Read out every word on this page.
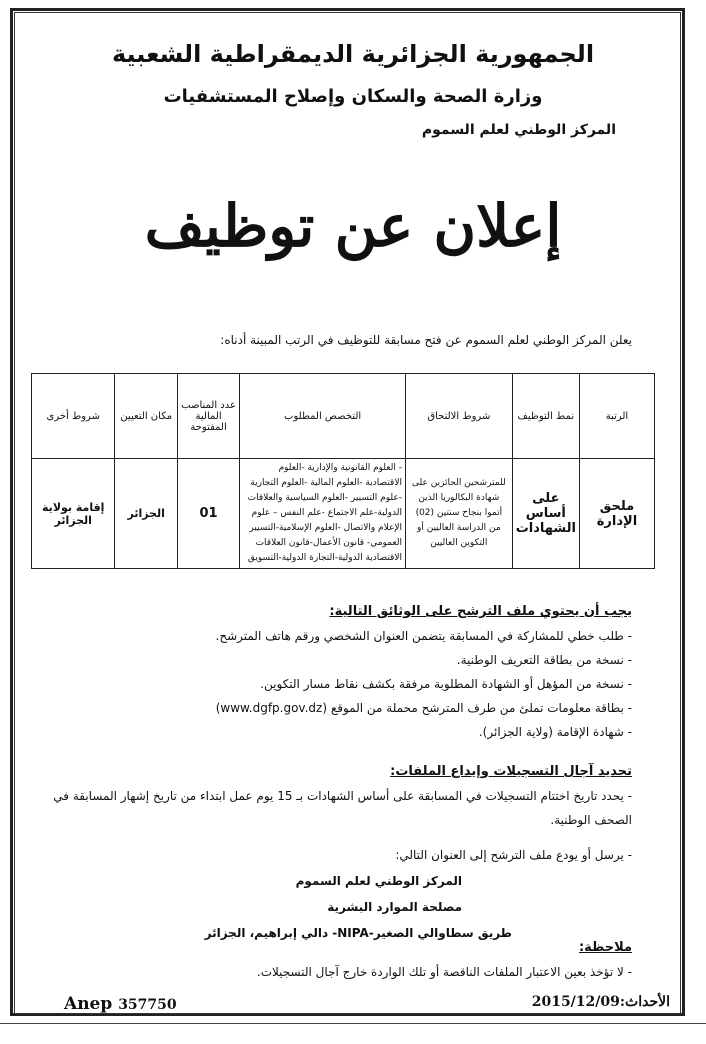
الجمهورية الجزائرية الديمقراطية الشعبية
وزارة الصحة والسكان وإصلاح المستشفيات
المركز الوطني لعلم السموم
إعلان عن توظيف
يعلن المركز الوطني لعلم السموم عن فتح مسابقة للتوظيف في الرتب المبينة أدناه:
الرتبة	نمط التوظيف	شروط الالتحاق	التخصص المطلوب	عدد المناصب المالية المفتوحة	مكان التعيين	شروط أخرى
ملحق الإدارة	على أساس الشهادات	للمترشحين الحائزين على شهادة البكالوريا الذين أتموا بنجاح سنتين (02) من الدراسة العاليين أو التكوين العاليين	- العلوم القانونية والإدارية -العلوم الاقتصادية -العلوم المالية -العلوم التجارية -علوم التسيير -العلوم السياسية والعلاقات الدولية-علم الاجتماع -علم النفس – علوم الإعلام والاتصال -العلوم الإسلامية-التسيير العمومي- قانون الأعمال-قانون العلاقات الاقتصادية الدولية-التجارة الدولية-التسويق	01	الجزائر	إقامة بولاية الجزائر
يجب أن يحتوي ملف الترشح على الوثائق التالية:
- طلب خطي للمشاركة في المسابقة يتضمن العنوان الشخصي ورقم هاتف المترشح.
- نسخة من بطاقة التعريف الوطنية.
- نسخة من المؤهل أو الشهادة المطلوبة مرفقة بكشف نقاط مسار التكوين.
- بطاقة معلومات تملئ من طرف المترشح محملة من الموقع (www.dgfp.gov.dz)
- شهادة الإقامة (ولاية الجزائر).
تحديد آجال التسجيلات وإيداع الملفات:
- يحدد تاريخ اختتام التسجيلات في المسابقة على أساس الشهادات بـ 15 يوم عمل ابتداء من تاريخ إشهار المسابقة في الصحف الوطنية.
- يرسل أو يودع ملف الترشح إلى العنوان التالي:
المركز الوطني لعلم السموم
مصلحة الموارد البشرية
طريق سطاوالي الصغير-NIPA- دالي إبراهيم، الجزائر
ملاحظة:
- لا تؤخذ بعين الاعتبار الملفات الناقصة أو تلك الواردة خارج آجال التسجيلات.
Anep 357750	الأحداث:2015/12/09
